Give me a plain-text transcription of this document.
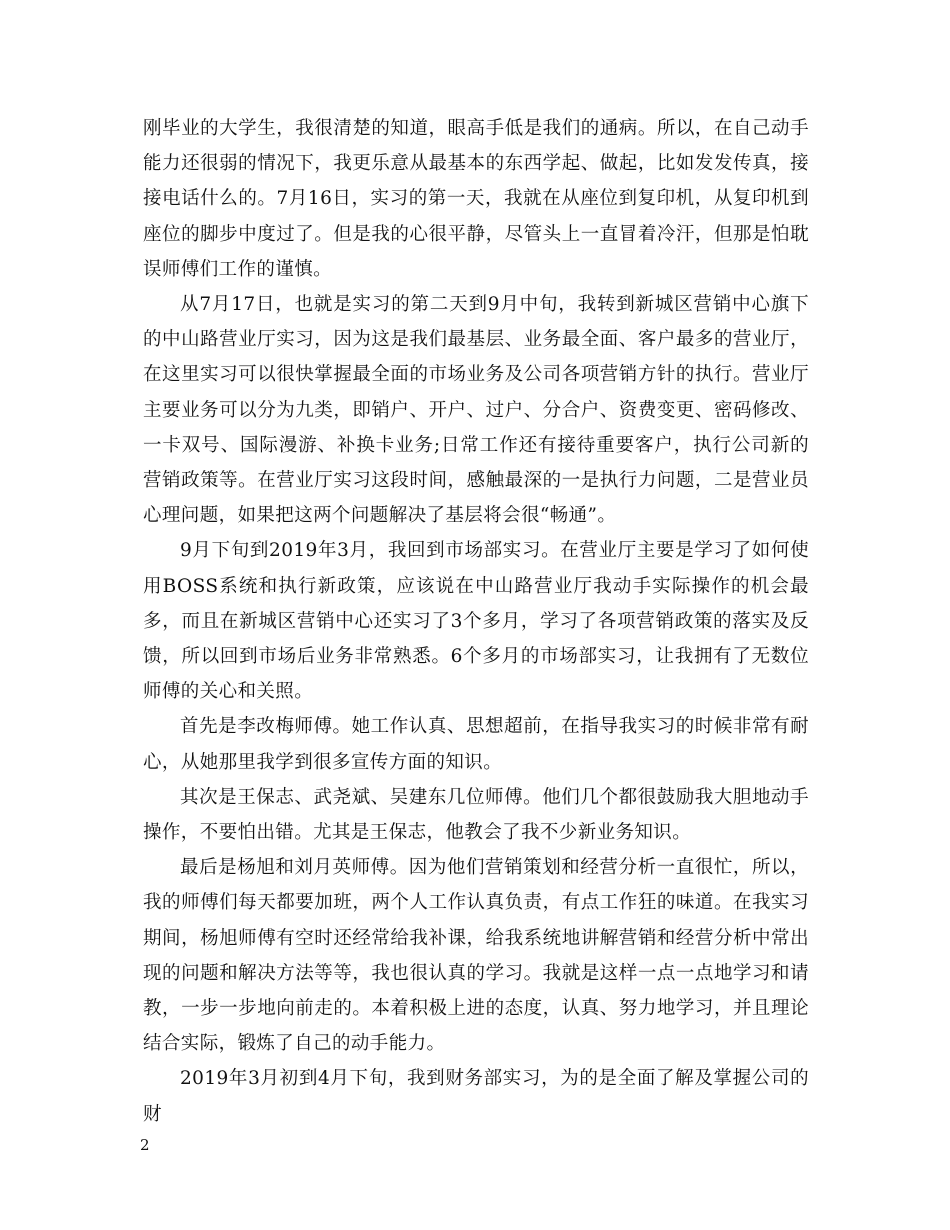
刚毕业的大学生，我很清楚的知道，眼高手低是我们的通病。所以，在自己动手能力还很弱的情况下，我更乐意从最基本的东西学起、做起，比如发发传真，接接电话什么的。7月16日，实习的第一天，我就在从座位到复印机，从复印机到座位的脚步中度过了。但是我的心很平静，尽管头上一直冒着冷汗，但那是怕耽误师傅们工作的谨慎。

从7月17日，也就是实习的第二天到9月中旬，我转到新城区营销中心旗下的中山路营业厅实习，因为这是我们最基层、业务最全面、客户最多的营业厅，在这里实习可以很快掌握最全面的市场业务及公司各项营销方针的执行。营业厅主要业务可以分为九类，即销户、开户、过户、分合户、资费变更、密码修改、一卡双号、国际漫游、补换卡业务;日常工作还有接待重要客户，执行公司新的营销政策等。在营业厅实习这段时间，感触最深的一是执行力问题，二是营业员心理问题，如果把这两个问题解决了基层将会很“畅通”。

9月下旬到2019年3月，我回到市场部实习。在营业厅主要是学习了如何使用BOSS系统和执行新政策，应该说在中山路营业厅我动手实际操作的机会最多，而且在新城区营销中心还实习了3个多月，学习了各项营销政策的落实及反馈，所以回到市场后业务非常熟悉。6个多月的市场部实习，让我拥有了无数位师傅的关心和关照。

首先是李改梅师傅。她工作认真、思想超前，在指导我实习的时候非常有耐心，从她那里我学到很多宣传方面的知识。

其次是王保志、武尧斌、吴建东几位师傅。他们几个都很鼓励我大胆地动手操作，不要怕出错。尤其是王保志，他教会了我不少新业务知识。

最后是杨旭和刘月英师傅。因为他们营销策划和经营分析一直很忙，所以，我的师傅们每天都要加班，两个人工作认真负责，有点工作狂的味道。在我实习期间，杨旭师傅有空时还经常给我补课，给我系统地讲解营销和经营分析中常出现的问题和解决方法等等，我也很认真的学习。我就是这样一点一点地学习和请教，一步一步地向前走的。本着积极上进的态度，认真、努力地学习，并且理论结合实际，锻炼了自己的动手能力。

2019年3月初到4月下旬，我到财务部实习，为的是全面了解及掌握公司的财

2
